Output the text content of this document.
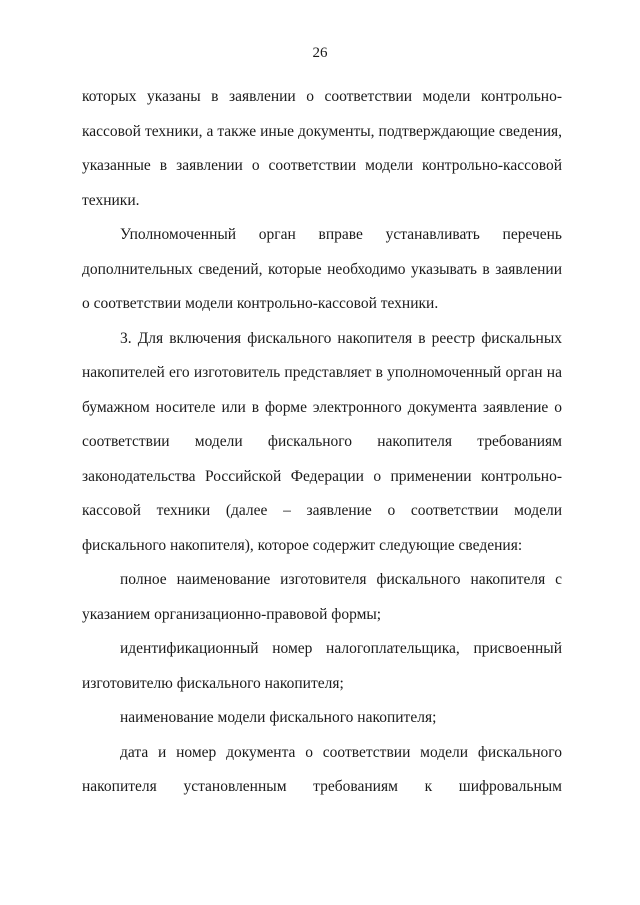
26

которых указаны в заявлении о соответствии модели контрольно-кассовой техники, а также иные документы, подтверждающие сведения, указанные в заявлении о соответствии модели контрольно-кассовой техники.

Уполномоченный орган вправе устанавливать перечень дополнительных сведений, которые необходимо указывать в заявлении о соответствии модели контрольно-кассовой техники.

3. Для включения фискального накопителя в реестр фискальных накопителей его изготовитель представляет в уполномоченный орган на бумажном носителе или в форме электронного документа заявление о соответствии модели фискального накопителя требованиям законодательства Российской Федерации о применении контрольно-кассовой техники (далее – заявление о соответствии модели фискального накопителя), которое содержит следующие сведения:

полное наименование изготовителя фискального накопителя с указанием организационно-правовой формы;

идентификационный номер налогоплательщика, присвоенный изготовителю фискального накопителя;

наименование модели фискального накопителя;

дата и номер документа о соответствии модели фискального накопителя установленным требованиям к шифровальным
